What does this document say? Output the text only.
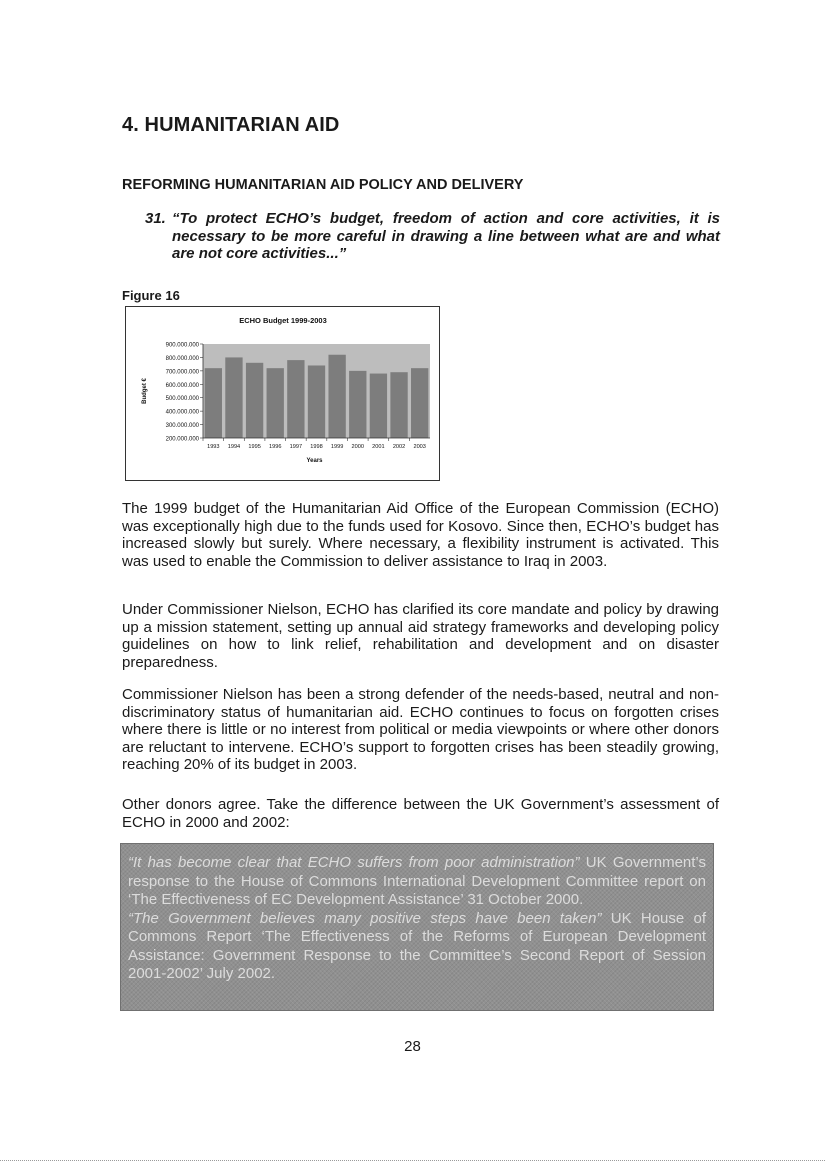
4. HUMANITARIAN AID
REFORMING HUMANITARIAN AID POLICY AND DELIVERY
31. “To protect ECHO’s budget, freedom of action and core activities, it is necessary to be more careful in drawing a line between what are and what are not core activities...”

Figure 16
ECHO Budget 1999-2003
200.000.000
300.000.000
400.000.000
500.000.000
600.000.000
700.000.000
800.000.000
900.000.000
1993 1994 1995 1996 1997 1998 1999 2000 2001 2002 2003
Years
Budget €

The 1999 budget of the Humanitarian Aid Office of the European Commission (ECHO) was exceptionally high due to the funds used for Kosovo. Since then, ECHO’s budget has increased slowly but surely. Where necessary, a flexibility instrument is activated. This was used to enable the Commission to deliver assistance to Iraq in 2003.

Under Commissioner Nielson, ECHO has clarified its core mandate and policy by drawing up a mission statement, setting up annual aid strategy frameworks and developing policy guidelines on how to link relief, rehabilitation and development and on disaster preparedness.

Commissioner Nielson has been a strong defender of the needs-based, neutral and non-discriminatory status of humanitarian aid. ECHO continues to focus on forgotten crises where there is little or no interest from political or media viewpoints or where other donors are reluctant to intervene. ECHO’s support to forgotten crises has been steadily growing, reaching 20% of its budget in 2003.

Other donors agree. Take the difference between the UK Government’s assessment of ECHO in 2000 and 2002:

“It has become clear that ECHO suffers from poor administration” UK Government’s response to the House of Commons International Development Committee report on ‘The Effectiveness of EC Development Assistance’ 31 October 2000.
“The Government believes many positive steps have been taken” UK House of Commons Report ‘The Effectiveness of the Reforms of European Development Assistance: Government Response to the Committee’s Second Report of Session 2001-2002’ July 2002.

28
